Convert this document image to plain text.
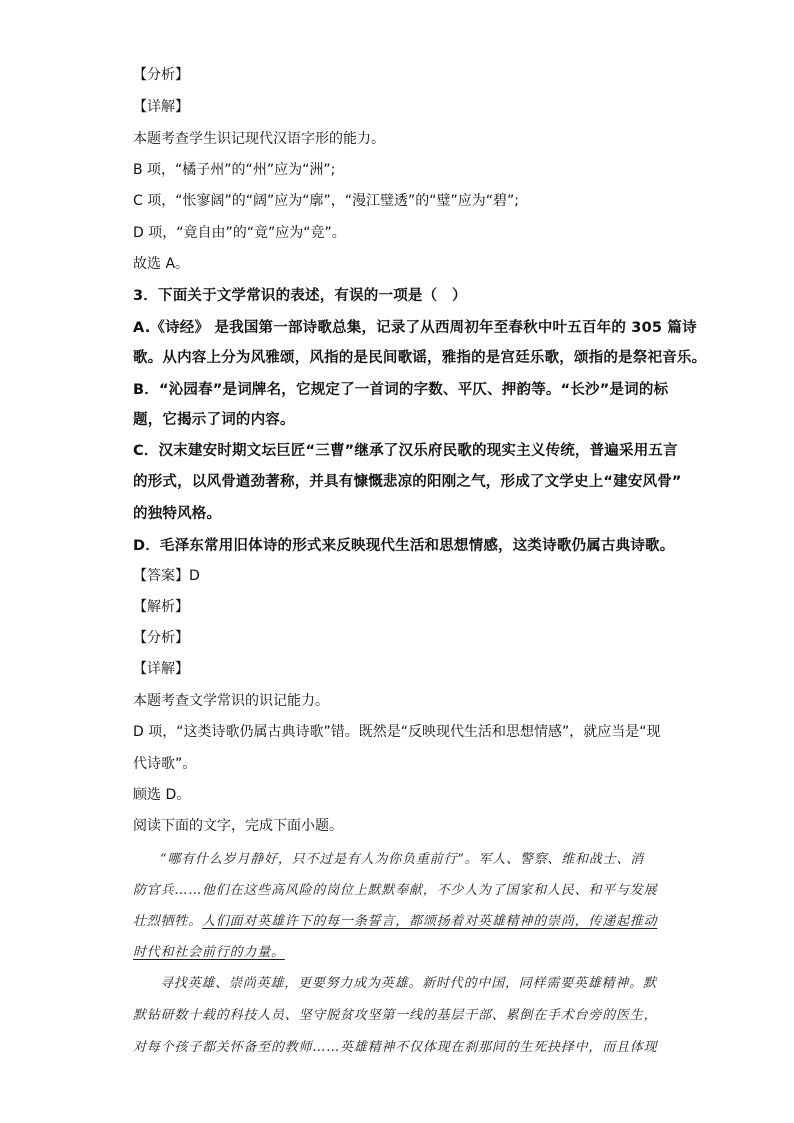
【分析】
【详解】
本题考查学生识记现代汉语字形的能力。
B 项，“橘子州”的“州”应为“洲”;
C 项，“怅寥阔”的“阔”应为“廓”，“漫江璧透”的“璧”应为“碧”;
D 项，“竟自由”的“竟”应为“竞”。
故选 A。
3．下面关于文学常识的表述，有误的一项是（　）
A.《诗经》 是我国第一部诗歌总集，记录了从西周初年至春秋中叶五百年的 305 篇诗
歌。从内容上分为风雅颂，风指的是民间歌谣，雅指的是宫廷乐歌，颂指的是祭祀音乐。
B．“沁园春”是词牌名，它规定了一首词的字数、平仄、押韵等。“长沙”是词的标
题，它揭示了词的内容。
C．汉末建安时期文坛巨匠“三曹”继承了汉乐府民歌的现实主义传统，普遍采用五言
的形式，以风骨遒劲著称，并具有慷慨悲凉的阳刚之气，形成了文学史上“建安风骨”
的独特风格。
D．毛泽东常用旧体诗的形式来反映现代生活和思想情感，这类诗歌仍属古典诗歌。
【答案】D
【解析】
【分析】
【详解】
本题考查文学常识的识记能力。
D 项，“这类诗歌仍属古典诗歌”错。既然是“反映现代生活和思想情感”，就应当是“现
代诗歌”。
顾选 D。
阅读下面的文字，完成下面小题。
“哪有什么岁月静好，只不过是有人为你负重前行”。军人、警察、维和战士、消
防官兵……他们在这些高风险的岗位上默默奉献，不少人为了国家和人民、和平与发展
壮烈牺牲。人们面对英雄许下的每一条誓言，都颂扬着对英雄精神的崇尚，传递起推动
时代和社会前行的力量。
寻找英雄、崇尚英雄，更要努力成为英雄。新时代的中国，同样需要英雄精神。默
默钻研数十载的科技人员、坚守脱贫攻坚第一线的基层干部、累倒在手术台旁的医生，
对每个孩子都关怀备至的教师……英雄精神不仅体现在刹那间的生死抉择中，而且体现
